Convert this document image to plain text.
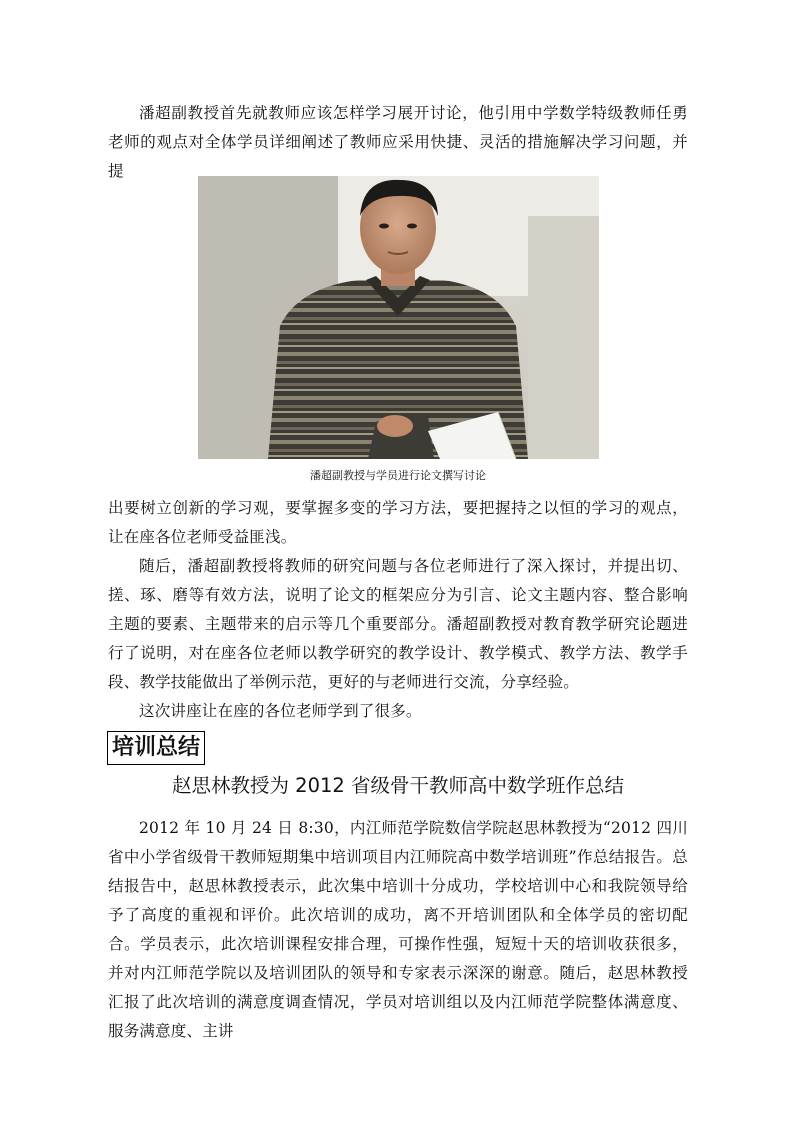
潘超副教授首先就教师应该怎样学习展开讨论，他引用中学数学特级教师任勇老师的观点对全体学员详细阐述了教师应采用快捷、灵活的措施解决学习问题，并提

潘超副教授与学员进行论文撰写讨论

出要树立创新的学习观，要掌握多变的学习方法，要把握持之以恒的学习的观点，让在座各位老师受益匪浅。

随后，潘超副教授将教师的研究问题与各位老师进行了深入探讨，并提出切、搓、琢、磨等有效方法，说明了论文的框架应分为引言、论文主题内容、整合影响主题的要素、主题带来的启示等几个重要部分。潘超副教授对教育教学研究论题进行了说明，对在座各位老师以教学研究的教学设计、教学模式、教学方法、教学手段、教学技能做出了举例示范，更好的与老师进行交流，分享经验。

这次讲座让在座的各位老师学到了很多。

培训总结
赵思林教授为 2012 省级骨干教师高中数学班作总结

2012 年 10 月 24 日 8:30，内江师范学院数信学院赵思林教授为“2012 四川省中小学省级骨干教师短期集中培训项目内江师院高中数学培训班”作总结报告。总结报告中，赵思林教授表示，此次集中培训十分成功，学校培训中心和我院领导给予了高度的重视和评价。此次培训的成功，离不开培训团队和全体学员的密切配合。学员表示，此次培训课程安排合理，可操作性强，短短十天的培训收获很多，并对内江师范学院以及培训团队的领导和专家表示深深的谢意。随后，赵思林教授汇报了此次培训的满意度调查情况，学员对培训组以及内江师范学院整体满意度、服务满意度、主讲
